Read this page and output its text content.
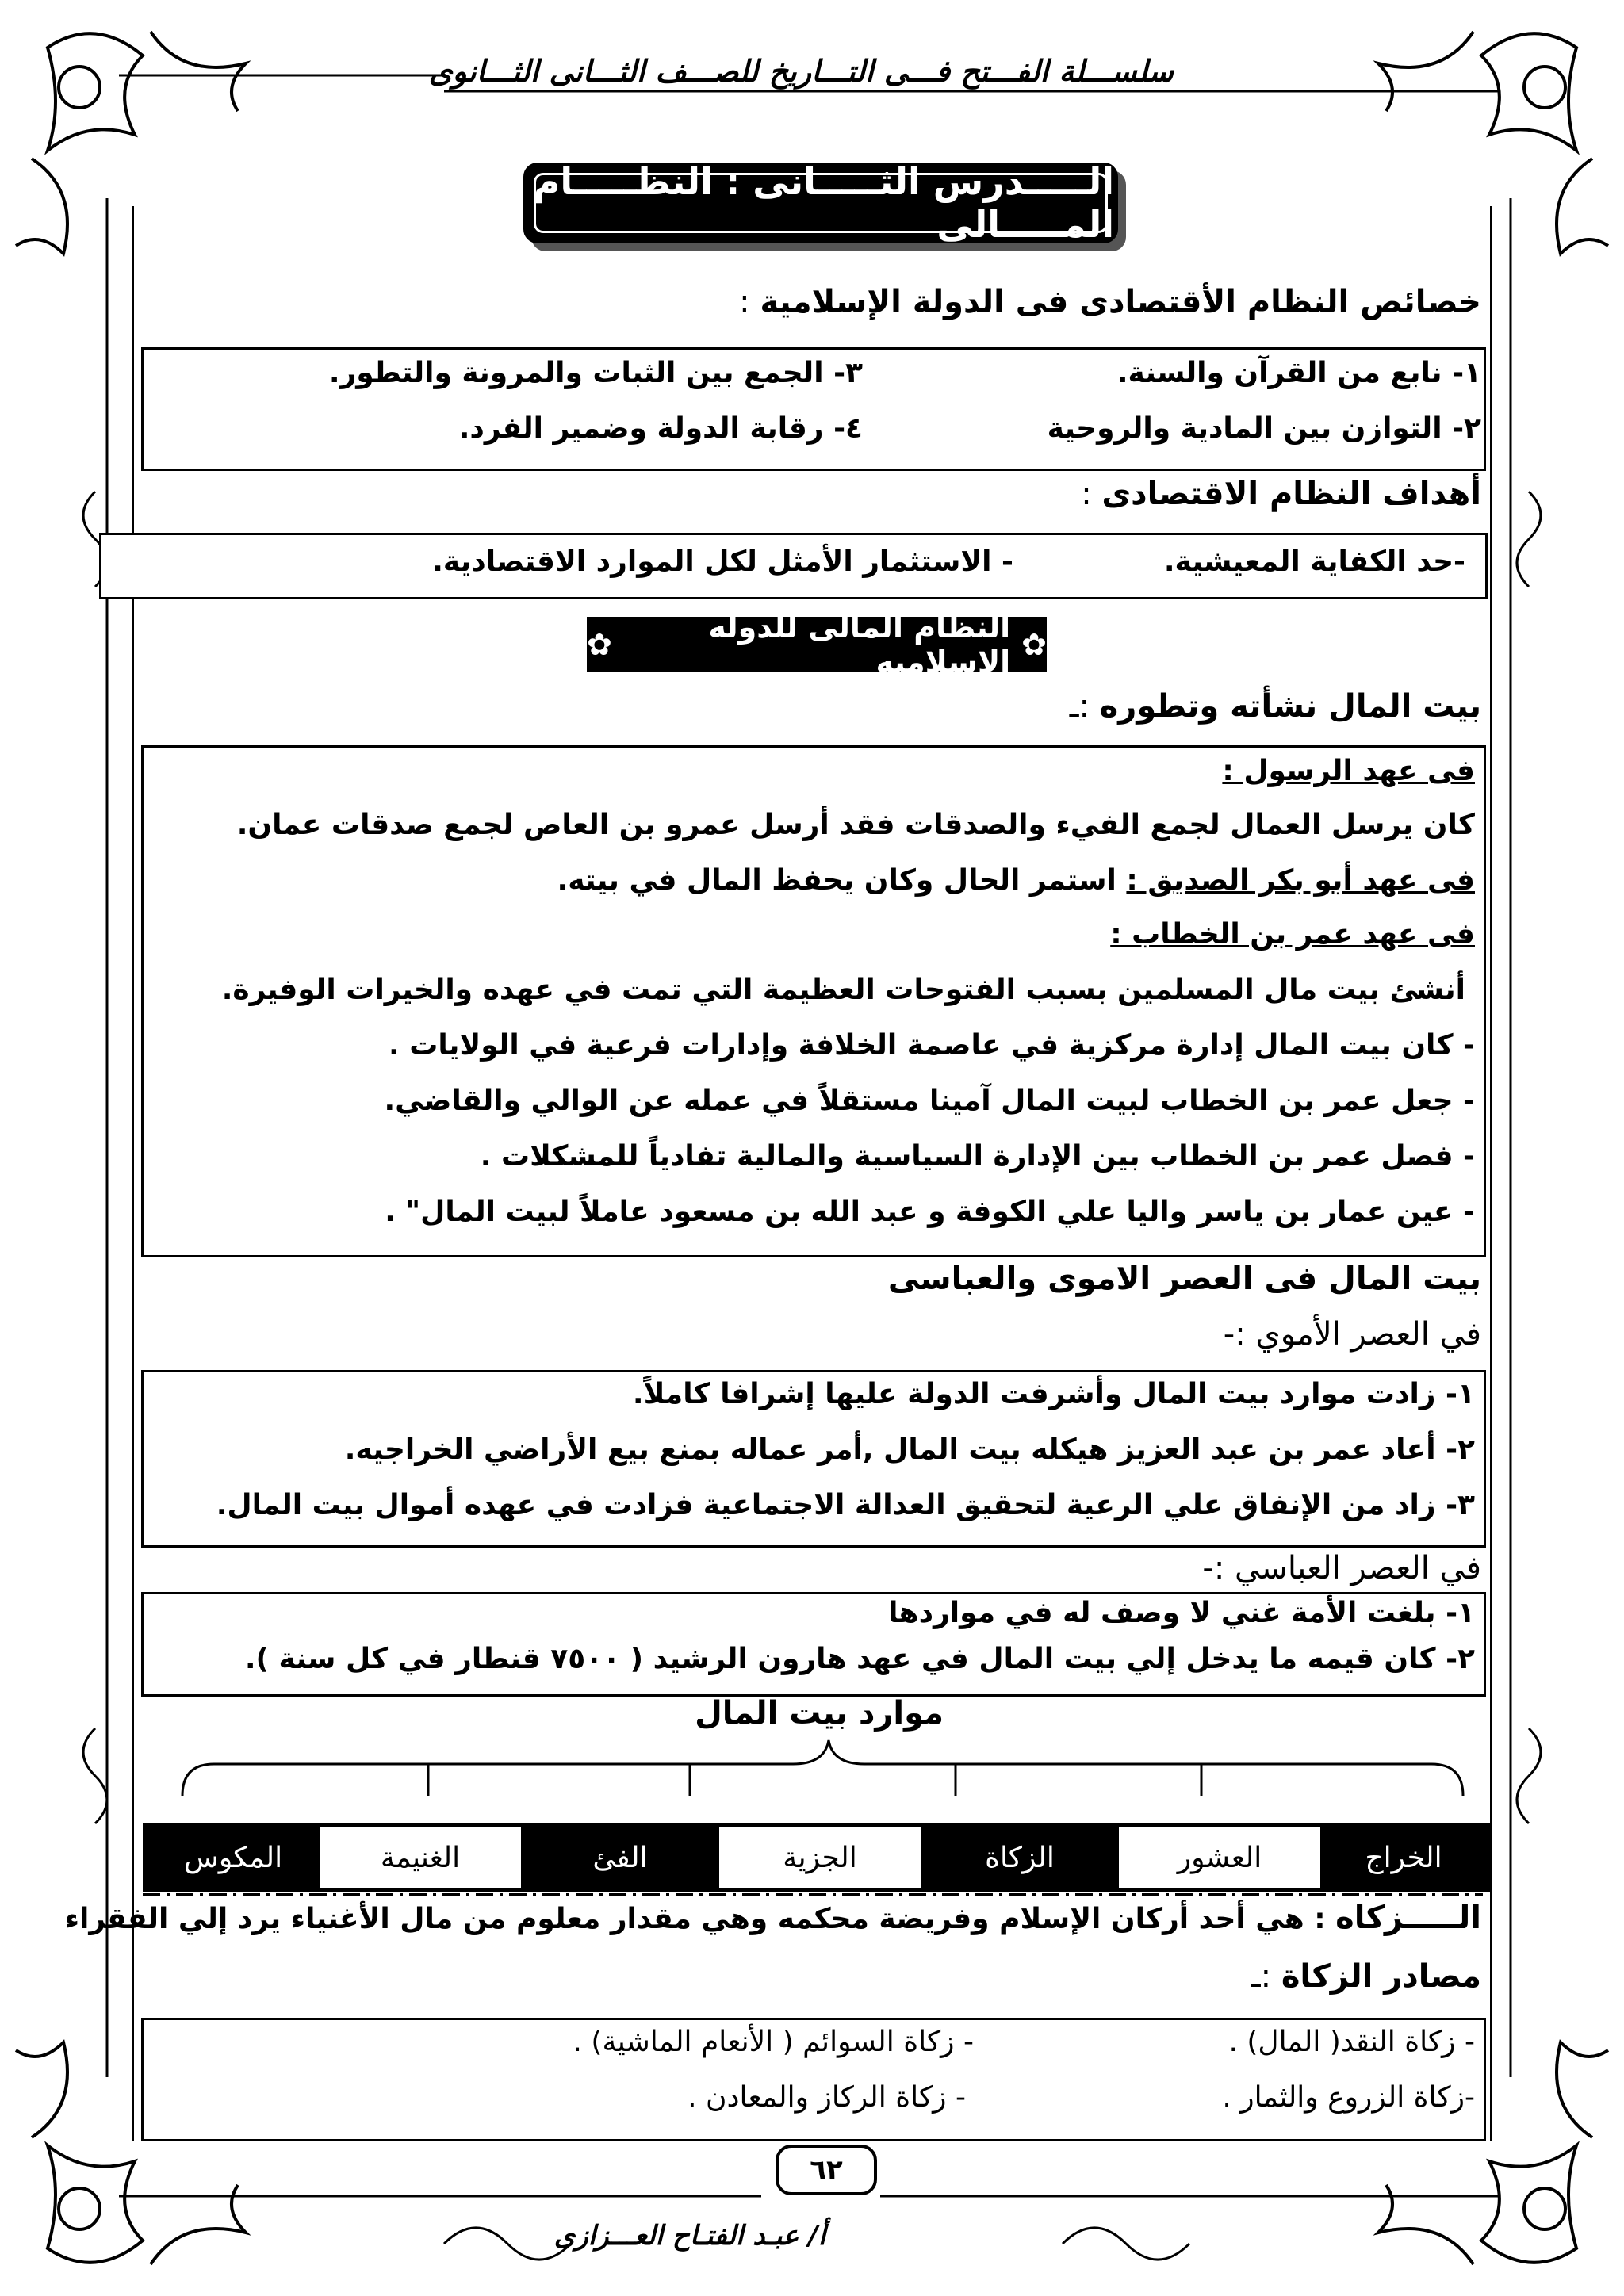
سلســـلة الفـــتح فـــى التـــاريخ للصـــف الثـــانى الثـــانوى
الـــــدرس الثـــــانى : النظـــــام المـــــالى
خصائص النظام الأقتصادى فى الدولة الإسلامية :
١- نابع من القرآن والسنة.
٣- الجمع بين الثبات والمرونة والتطور.
٢- التوازن بين المادية والروحية
٤- رقابة الدولة وضمير الفرد.
أهداف النظام الاقتصادى :
-حد الكفاية المعيشية.
- الاستثمار الأمثل لكل الموارد الاقتصادية.
✿
النظام المالى للدوله الاسلاميه
✿
بيت المال نشأته وتطوره :ـ
فى عهد الرسول :
كان يرسل العمال لجمع الفيء والصدقات فقد أرسل عمرو بن العاص لجمع صدقات عمان.
فى عهد أبو بكر الصديق : استمر الحال وكان يحفظ المال في بيته.
فى عهد عمر بن الخطاب :
أنشئ بيت مال المسلمين بسبب الفتوحات العظيمة التي تمت في عهده والخيرات الوفيرة.
- كان بيت المال إدارة مركزية في عاصمة الخلافة وإدارات فرعية في الولايات .
- جعل عمر بن الخطاب لبيت المال آمينا مستقلاً في عمله عن الوالي والقاضي.
- فصل عمر بن الخطاب بين الإدارة السياسية والمالية تفادياً للمشكلات .
- عين عمار بن ياسر واليا علي الكوفة و عبد الله بن مسعود عاملاً لبيت المال" .
بيت المال فى العصر الاموى والعباسى
في العصر الأموي :-
١- زادت موارد بيت المال وأشرفت الدولة عليها إشرافا كاملاً.
٢- أعاد عمر بن عبد العزيز هيكله بيت المال ,أمر عماله بمنع بيع الأراضي الخراجيه.
٣- زاد من الإنفاق علي الرعية لتحقيق العدالة الاجتماعية فزادت في عهده أموال بيت المال.
في العصر العباسي :-
١- بلغت الأمة غني لا وصف له في مواردها
٢- كان قيمه ما يدخل إلي بيت المال في عهد هارون الرشيد ( ٧٥٠٠ قنطار في كل سنة ).
موارد بيت المال
الخراج
العشور
الزكاة
الجزية
الفئ
الغنيمة
المكوس
الـــــزكاه : هي أحد أركان الإسلام وفريضة محكمه وهي مقدار معلوم من مال الأغنياء يرد إلي الفقراء
مصادر الزكاة :ـ
- زكاة النقد( المال) .
- زكاة السوائم ( الأنعام الماشية) .
-زكاة الزروع والثمار .
- زكاة الركاز والمعادن .
٦٢
أ/ عبـد الفتـاح العـــزازى
